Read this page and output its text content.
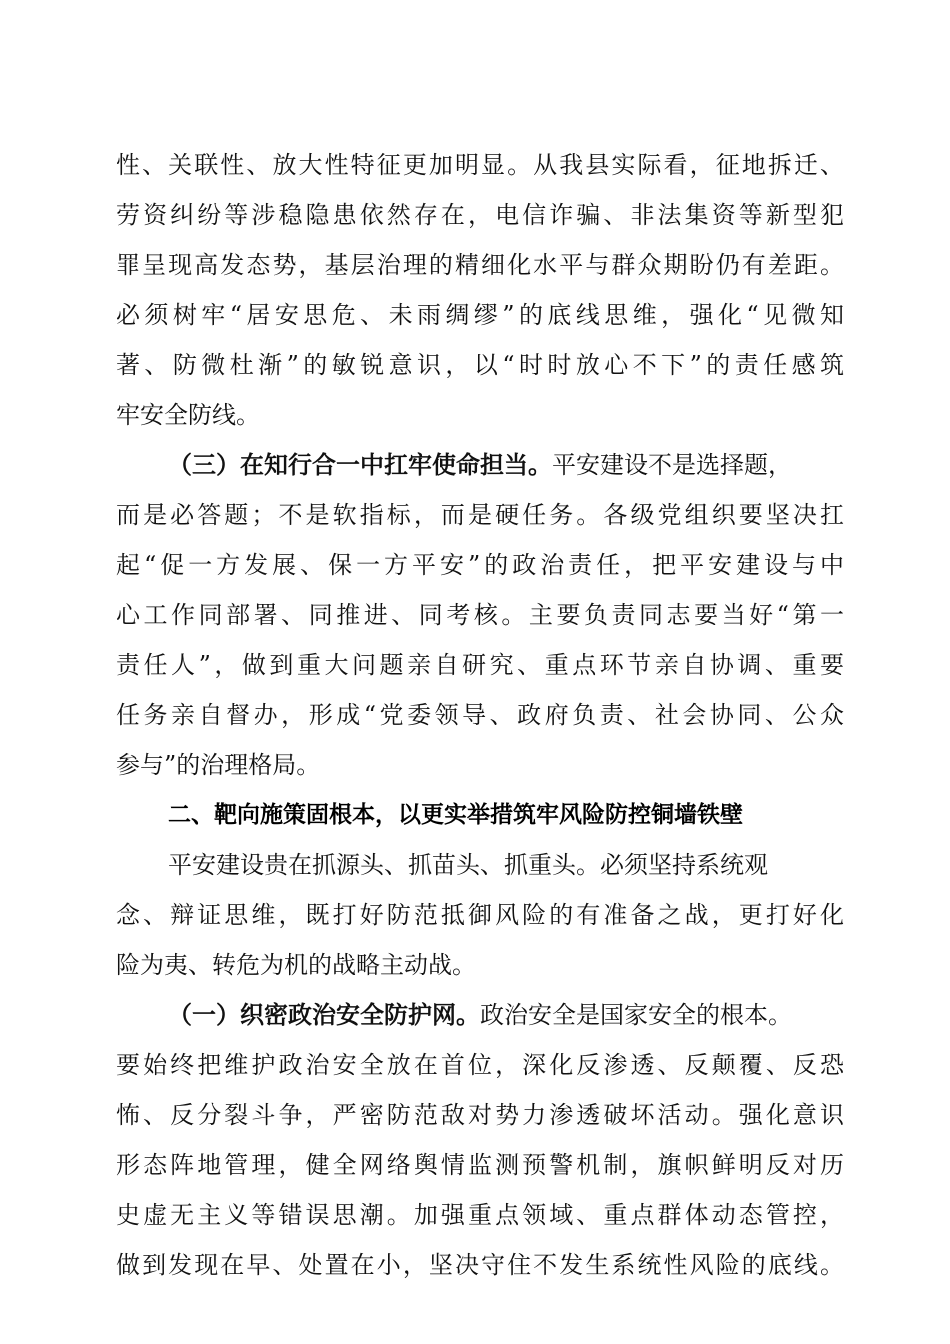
性、关联性、放大性特征更加明显。从我县实际看，征地拆迁、
劳资纠纷等涉稳隐患依然存在，电信诈骗、非法集资等新型犯
罪呈现高发态势，基层治理的精细化水平与群众期盼仍有差距。
必须树牢“居安思危、未雨绸缪”的底线思维，强化“见微知
著、防微杜渐”的敏锐意识，以“时时放心不下”的责任感筑
牢安全防线。
（三）在知行合一中扛牢使命担当。平安建设不是选择题，
而是必答题；不是软指标，而是硬任务。各级党组织要坚决扛
起“促一方发展、保一方平安”的政治责任，把平安建设与中
心工作同部署、同推进、同考核。主要负责同志要当好“第一
责任人”，做到重大问题亲自研究、重点环节亲自协调、重要
任务亲自督办，形成“党委领导、政府负责、社会协同、公众
参与”的治理格局。
二、靶向施策固根本，以更实举措筑牢风险防控铜墙铁壁
平安建设贵在抓源头、抓苗头、抓重头。必须坚持系统观
念、辩证思维，既打好防范抵御风险的有准备之战，更打好化
险为夷、转危为机的战略主动战。
（一）织密政治安全防护网。政治安全是国家安全的根本。
要始终把维护政治安全放在首位，深化反渗透、反颠覆、反恐
怖、反分裂斗争，严密防范敌对势力渗透破坏活动。强化意识
形态阵地管理，健全网络舆情监测预警机制，旗帜鲜明反对历
史虚无主义等错误思潮。加强重点领域、重点群体动态管控，
做到发现在早、处置在小，坚决守住不发生系统性风险的底线。
